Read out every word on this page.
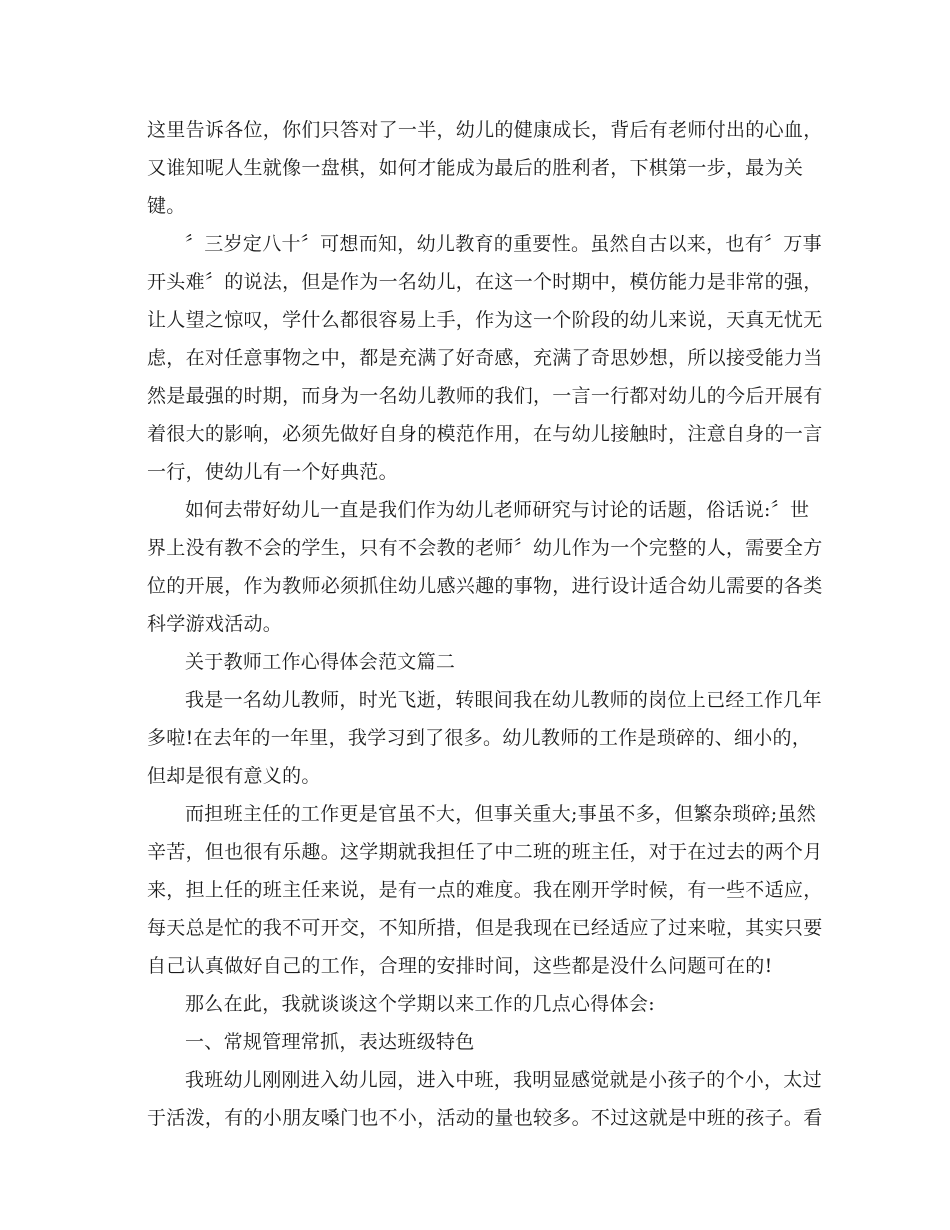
这里告诉各位，你们只答对了一半，幼儿的健康成长，背后有老师付出的心血，
又谁知呢人生就像一盘棋，如何才能成为最后的胜利者，下棋第一步，最为关
键。
〞三岁定八十〞可想而知，幼儿教育的重要性。虽然自古以来，也有〞万事
开头难〞的说法，但是作为一名幼儿，在这一个时期中，模仿能力是非常的强，
让人望之惊叹，学什么都很容易上手，作为这一个阶段的幼儿来说，天真无忧无
虑，在对任意事物之中，都是充满了好奇感，充满了奇思妙想，所以接受能力当
然是最强的时期，而身为一名幼儿教师的我们，一言一行都对幼儿的今后开展有
着很大的影响，必须先做好自身的模范作用，在与幼儿接触时，注意自身的一言
一行，使幼儿有一个好典范。
如何去带好幼儿一直是我们作为幼儿老师研究与讨论的话题，俗话说:〞世
界上没有教不会的学生，只有不会教的老师〞幼儿作为一个完整的人，需要全方
位的开展，作为教师必须抓住幼儿感兴趣的事物，进行设计适合幼儿需要的各类
科学游戏活动。
关于教师工作心得体会范文篇二
我是一名幼儿教师，时光飞逝，转眼间我在幼儿教师的岗位上已经工作几年
多啦!在去年的一年里，我学习到了很多。幼儿教师的工作是琐碎的、细小的，
但却是很有意义的。
而担班主任的工作更是官虽不大，但事关重大;事虽不多，但繁杂琐碎;虽然
辛苦，但也很有乐趣。这学期就我担任了中二班的班主任，对于在过去的两个月
来，担上任的班主任来说，是有一点的难度。我在刚开学时候，有一些不适应，
每天总是忙的我不可开交，不知所措，但是我现在已经适应了过来啦，其实只要
自己认真做好自己的工作，合理的安排时间，这些都是没什么问题可在的!
那么在此，我就谈谈这个学期以来工作的几点心得体会:
一、常规管理常抓，表达班级特色
我班幼儿刚刚进入幼儿园，进入中班，我明显感觉就是小孩子的个小，太过
于活泼，有的小朋友嗓门也不小，活动的量也较多。不过这就是中班的孩子。看
